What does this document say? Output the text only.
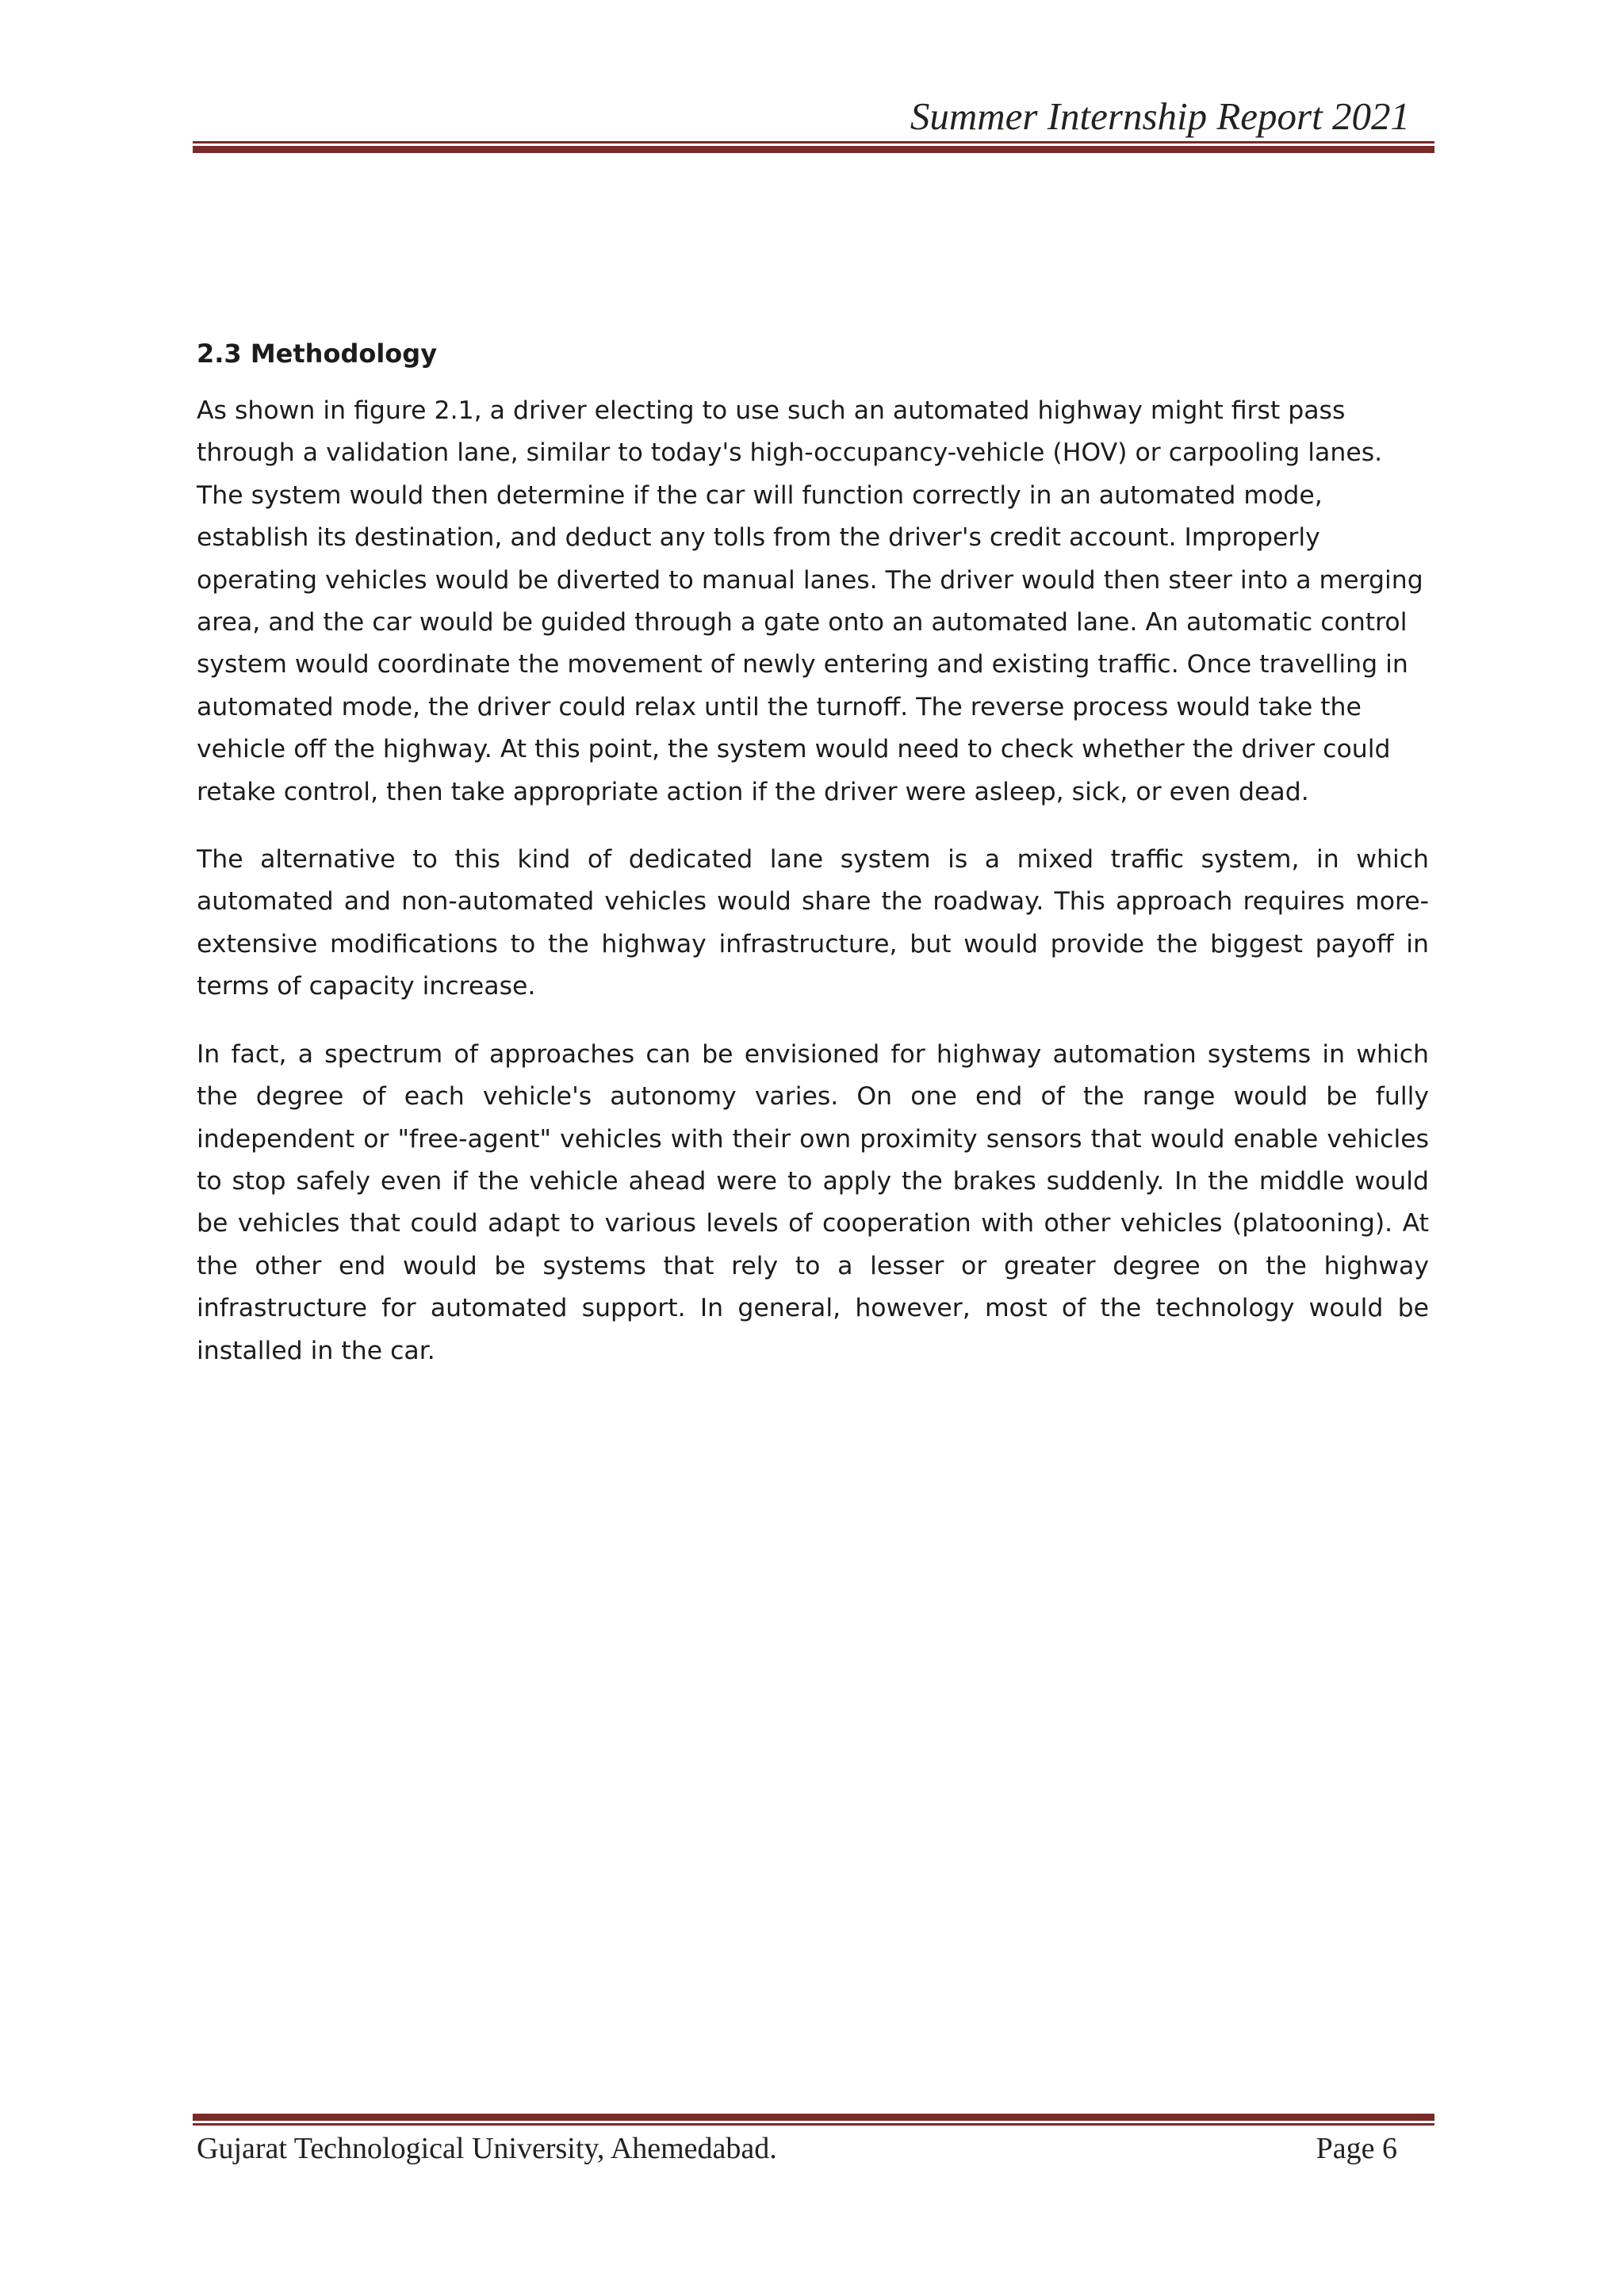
Summer Internship Report 2021
2.3 Methodology

As shown in figure 2.1, a driver electing to use such an automated highway might first pass through a validation lane, similar to today's high-occupancy-vehicle (HOV) or carpooling lanes. The system would then determine if the car will function correctly in an automated mode, establish its destination, and deduct any tolls from the driver's credit account. Improperly operating vehicles would be diverted to manual lanes. The driver would then steer into a merging area, and the car would be guided through a gate onto an automated lane. An automatic control system would coordinate the movement of newly entering and existing traffic. Once travelling in automated mode, the driver could relax until the turnoff. The reverse process would take the vehicle off the highway. At this point, the system would need to check whether the driver could retake control, then take appropriate action if the driver were asleep, sick, or even dead.

The alternative to this kind of dedicated lane system is a mixed traffic system, in which automated and non-automated vehicles would share the roadway. This approach requires more-extensive modifications to the highway infrastructure, but would provide the biggest payoff in terms of capacity increase.

In fact, a spectrum of approaches can be envisioned for highway automation systems in which the degree of each vehicle's autonomy varies. On one end of the range would be fully independent or "free-agent" vehicles with their own proximity sensors that would enable vehicles to stop safely even if the vehicle ahead were to apply the brakes suddenly. In the middle would be vehicles that could adapt to various levels of cooperation with other vehicles (platooning). At the other end would be systems that rely to a lesser or greater degree on the highway infrastructure for automated support. In general, however, most of the technology would be installed in the car.

Gujarat Technological University, Ahemedabad.	Page 6
